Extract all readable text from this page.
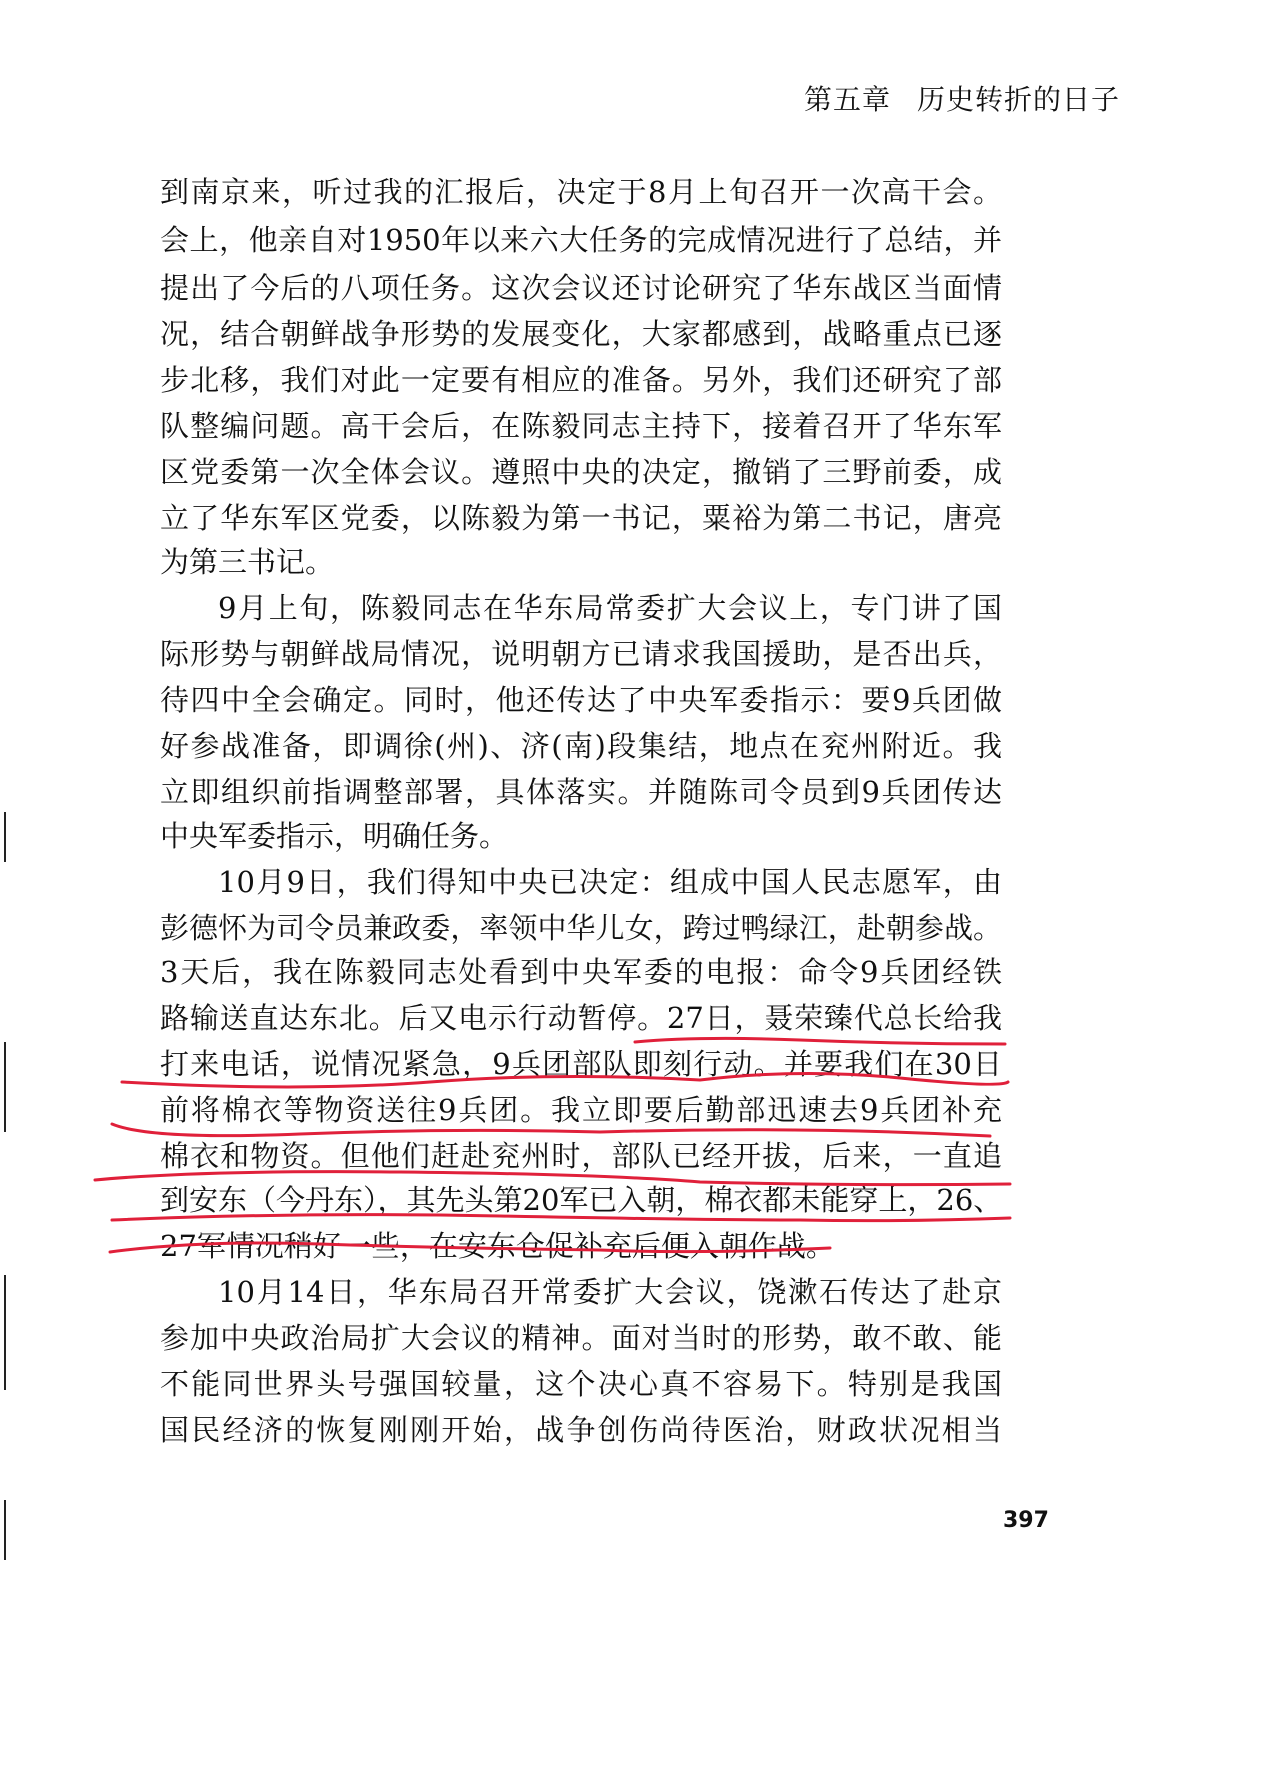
第五章 历史转折的日子
到南京来，听过我的汇报后，决定于8月上旬召开一次高干会。
会上，他亲自对1950年以来六大任务的完成情况进行了总结，并
提出了今后的八项任务。这次会议还讨论研究了华东战区当面情
况，结合朝鲜战争形势的发展变化，大家都感到，战略重点已逐
步北移，我们对此一定要有相应的准备。另外，我们还研究了部
队整编问题。高干会后，在陈毅同志主持下，接着召开了华东军
区党委第一次全体会议。遵照中央的决定，撤销了三野前委，成
立了华东军区党委，以陈毅为第一书记，粟裕为第二书记，唐亮
为第三书记。
9月上旬，陈毅同志在华东局常委扩大会议上，专门讲了国
际形势与朝鲜战局情况，说明朝方已请求我国援助，是否出兵，
待四中全会确定。同时，他还传达了中央军委指示：要9兵团做
好参战准备，即调徐(州)、济(南)段集结，地点在兖州附近。我
立即组织前指调整部署，具体落实。并随陈司令员到9兵团传达
中央军委指示，明确任务。
10月9日，我们得知中央已决定：组成中国人民志愿军，由
彭德怀为司令员兼政委，率领中华儿女，跨过鸭绿江，赴朝参战。
3天后，我在陈毅同志处看到中央军委的电报：命令9兵团经铁
路输送直达东北。后又电示行动暂停。27日，聂荣臻代总长给我
打来电话，说情况紧急，9兵团部队即刻行动。并要我们在30日
前将棉衣等物资送往9兵团。我立即要后勤部迅速去9兵团补充
棉衣和物资。但他们赶赴兖州时，部队已经开拔，后来，一直追
到安东（今丹东），其先头第20军已入朝，棉衣都未能穿上，26、
27军情况稍好一些，在安东仓促补充后便入朝作战。
10月14日，华东局召开常委扩大会议，饶漱石传达了赴京
参加中央政治局扩大会议的精神。面对当时的形势，敢不敢、能
不能同世界头号强国较量，这个决心真不容易下。特别是我国
国民经济的恢复刚刚开始，战争创伤尚待医治，财政状况相当
397
